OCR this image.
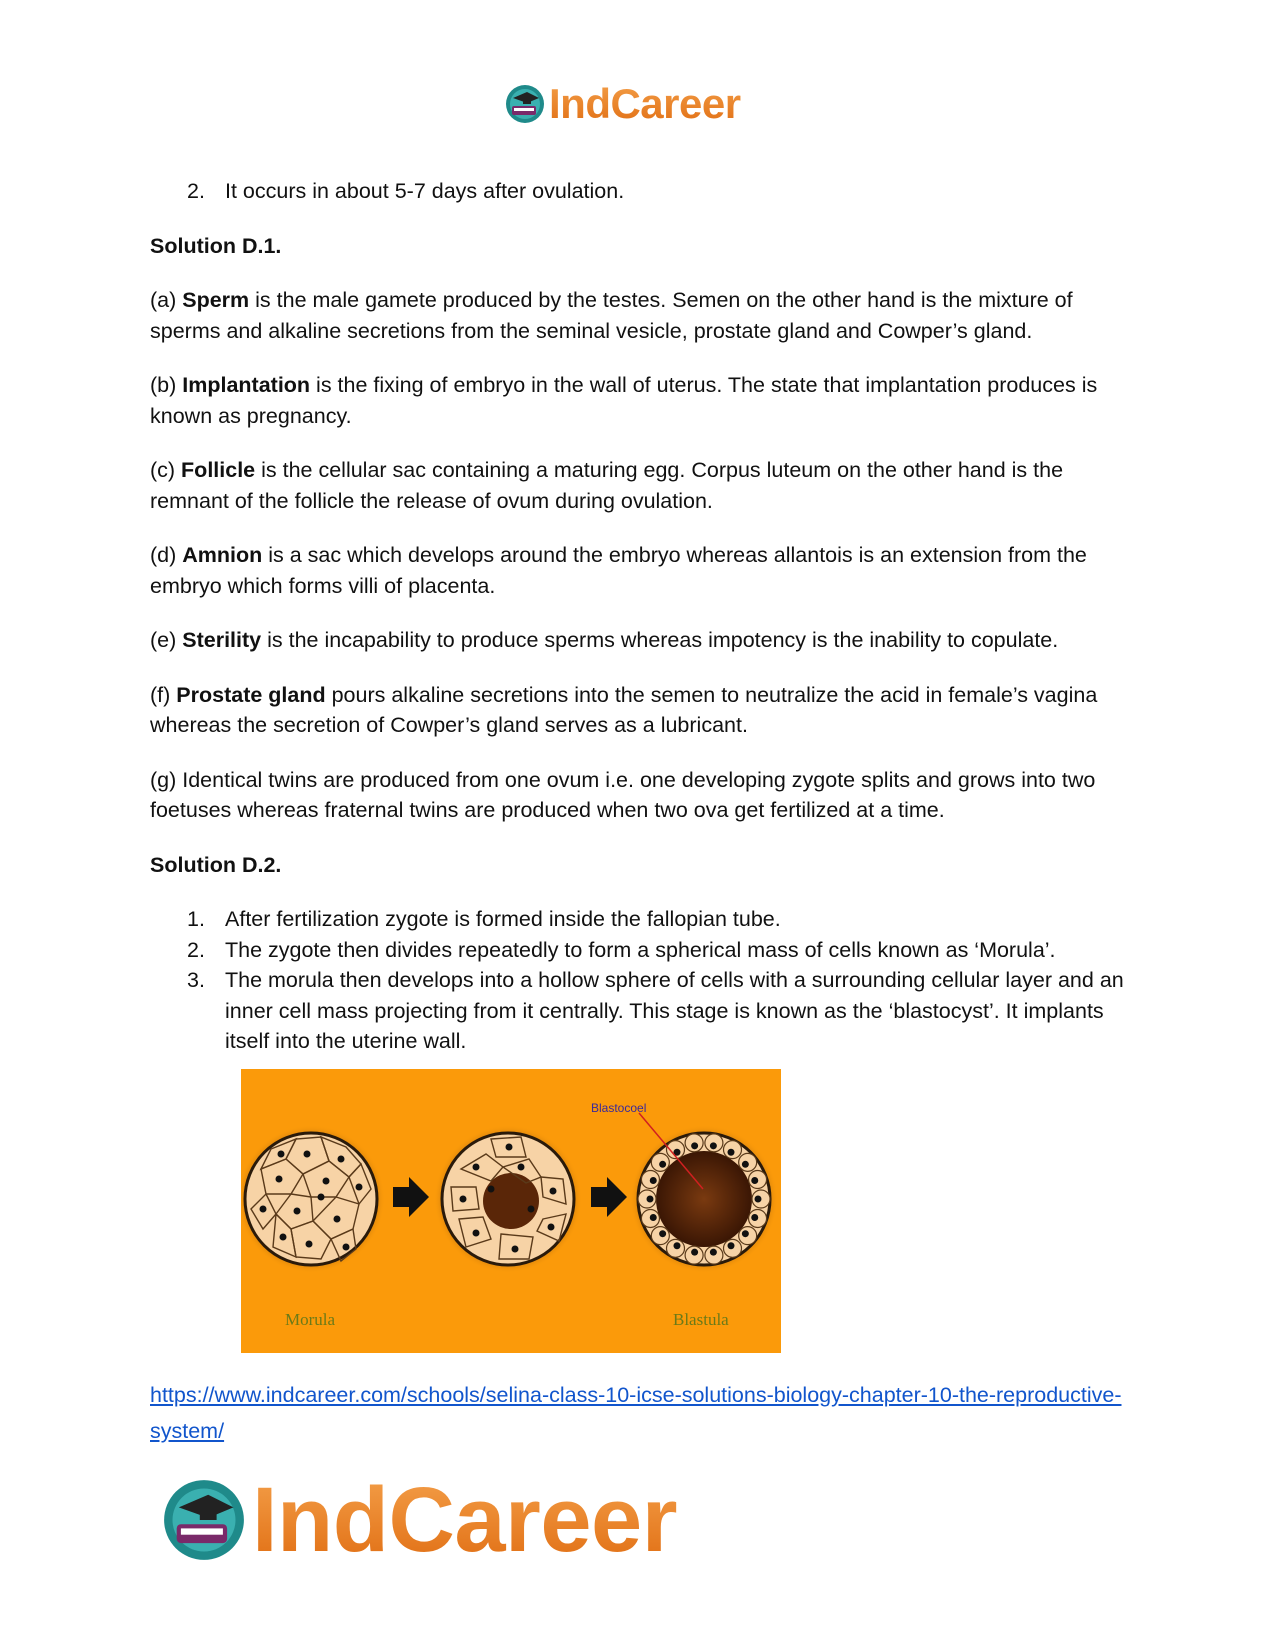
IndCareer
2. It occurs in about 5-7 days after ovulation.

Solution D.1.

(a) Sperm is the male gamete produced by the testes. Semen on the other hand is the mixture of sperms and alkaline secretions from the seminal vesicle, prostate gland and Cowper’s gland.

(b) Implantation is the fixing of embryo in the wall of uterus. The state that implantation produces is known as pregnancy.

(c) Follicle is the cellular sac containing a maturing egg. Corpus luteum on the other hand is the remnant of the follicle the release of ovum during ovulation.

(d) Amnion is a sac which develops around the embryo whereas allantois is an extension from the embryo which forms villi of placenta.

(e) Sterility is the incapability to produce sperms whereas impotency is the inability to copulate.

(f) Prostate gland pours alkaline secretions into the semen to neutralize the acid in female’s vagina whereas the secretion of Cowper’s gland serves as a lubricant.

(g) Identical twins are produced from one ovum i.e. one developing zygote splits and grows into two foetuses whereas fraternal twins are produced when two ova get fertilized at a time.

Solution D.2.

1. After fertilization zygote is formed inside the fallopian tube.
2. The zygote then divides repeatedly to form a spherical mass of cells known as ‘Morula’.
3. The morula then develops into a hollow sphere of cells with a surrounding cellular layer and an inner cell mass projecting from it centrally. This stage is known as the ‘blastocyst’. It implants itself into the uterine wall.
Blastocoel
Morula	Blastula
https://www.indcareer.com/schools/selina-class-10-icse-solutions-biology-chapter-10-the-reproductive-system/
IndCareer
